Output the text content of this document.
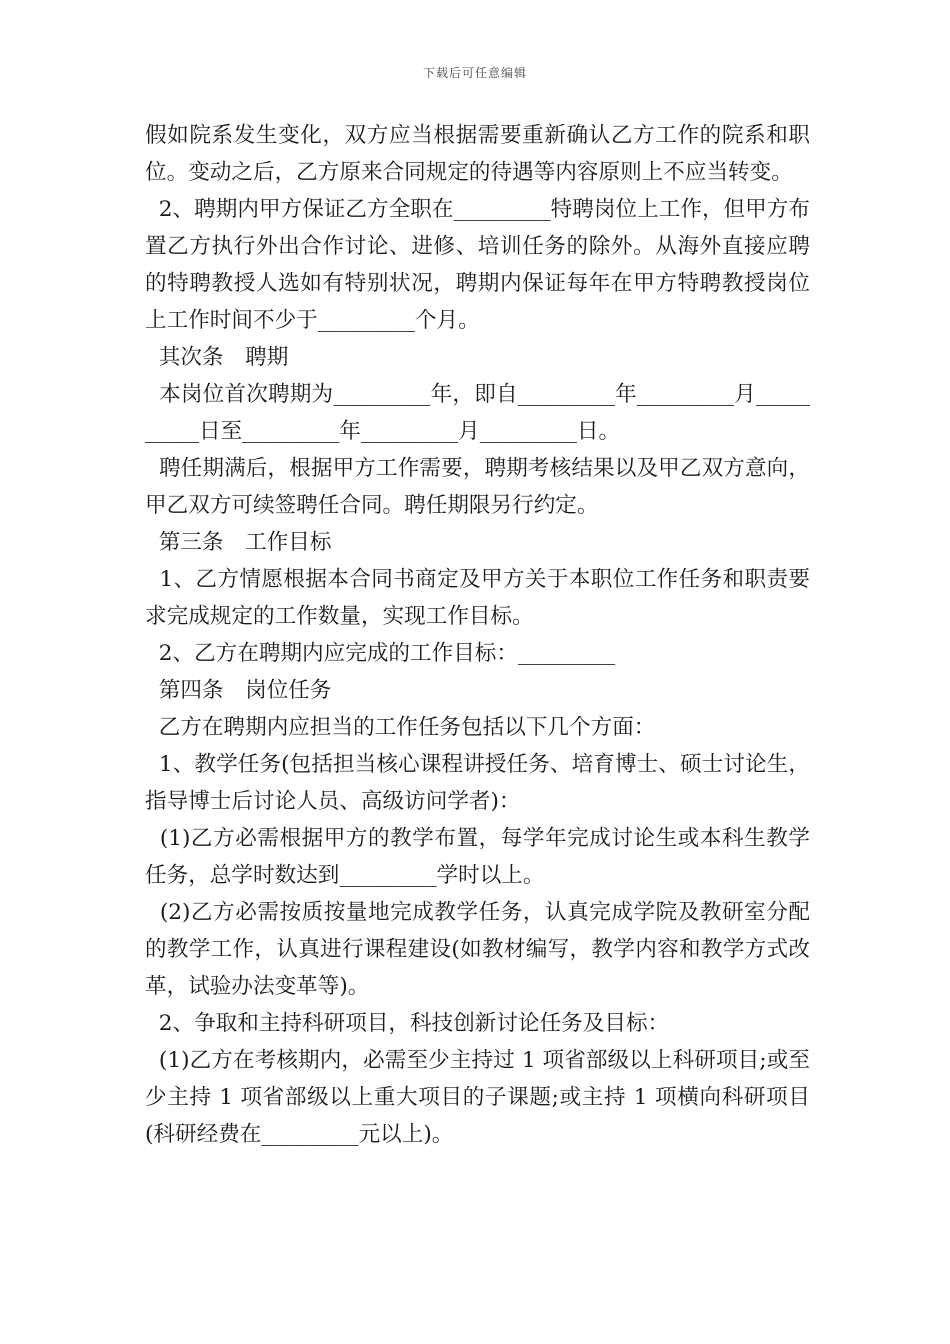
下载后可任意编辑

假如院系发生变化，双方应当根据需要重新确认乙方工作的院系和职位。变动之后，乙方原来合同规定的待遇等内容原则上不应当转变。

2、聘期内甲方保证乙方全职在_________特聘岗位上工作，但甲方布置乙方执行外出合作讨论、进修、培训任务的除外。从海外直接应聘的特聘教授人选如有特别状况，聘期内保证每年在甲方特聘教授岗位上工作时间不少于_________个月。

其次条　聘期

本岗位首次聘期为_________年，即自_________年_________月__________日至_________年_________月_________日。

聘任期满后，根据甲方工作需要，聘期考核结果以及甲乙双方意向，甲乙双方可续签聘任合同。聘任期限另行约定。

第三条　工作目标

1、乙方情愿根据本合同书商定及甲方关于本职位工作任务和职责要求完成规定的工作数量，实现工作目标。

2、乙方在聘期内应完成的工作目标：_________

第四条　岗位任务

乙方在聘期内应担当的工作任务包括以下几个方面：

1、教学任务(包括担当核心课程讲授任务、培育博士、硕士讨论生，指导博士后讨论人员、高级访问学者)：

(1)乙方必需根据甲方的教学布置，每学年完成讨论生或本科生教学任务，总学时数达到_________学时以上。

(2)乙方必需按质按量地完成教学任务，认真完成学院及教研室分配的教学工作，认真进行课程建设(如教材编写，教学内容和教学方式改革，试验办法变革等)。

2、争取和主持科研项目，科技创新讨论任务及目标：

(1)乙方在考核期内，必需至少主持过 1 项省部级以上科研项目;或至少主持 1 项省部级以上重大项目的子课题;或主持 1 项横向科研项目(科研经费在_________元以上)。
